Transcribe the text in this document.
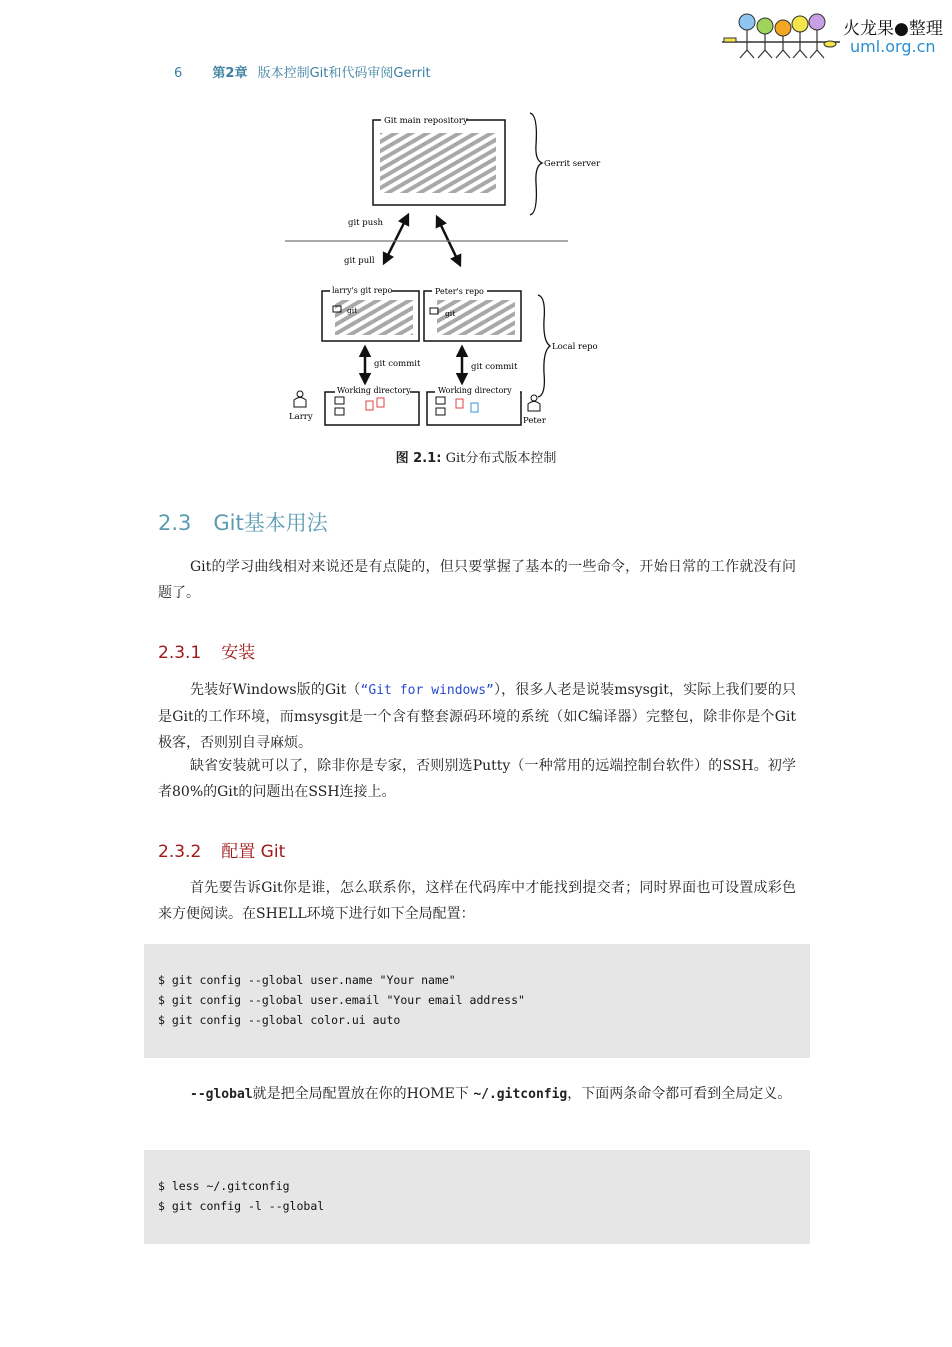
6 第2章 版本控制Git和代码审阅Gerrit
火龙果●整理
uml.org.cn
Git main repository
Gerrit server
git push
git pull
larry's git repo
git
Peter's repo
git
Local repo
git commit	git commit
Working directory	Working directory
Larry	Peter
图 2.1: Git分布式版本控制
2.3 Git基本用法
Git的学习曲线相对来说还是有点陡的，但只要掌握了基本的一些命令，开始日常的工作就没有问题了。
2.3.1 安装
先装好Windows版的Git（“Git for windows”），很多人老是说装msysgit，实际上我们要的只是Git的工作环境，而msysgit是一个含有整套源码环境的系统（如C编译器）完整包，除非你是个Git极客，否则别自寻麻烦。
缺省安装就可以了，除非你是专家，否则别选Putty（一种常用的远端控制台软件）的SSH。初学者80%的Git的问题出在SSH连接上。
2.3.2 配置 Git
首先要告诉Git你是谁，怎么联系你，这样在代码库中才能找到提交者；同时界面也可设置成彩色来方便阅读。在SHELL环境下进行如下全局配置：
$ git config --global user.name "Your name"
$ git config --global user.email "Your email address"
$ git config --global color.ui auto
--global就是把全局配置放在你的HOME下 ~/.gitconfig，下面两条命令都可看到全局定义。
$ less ~/.gitconfig
$ git config -l --global
